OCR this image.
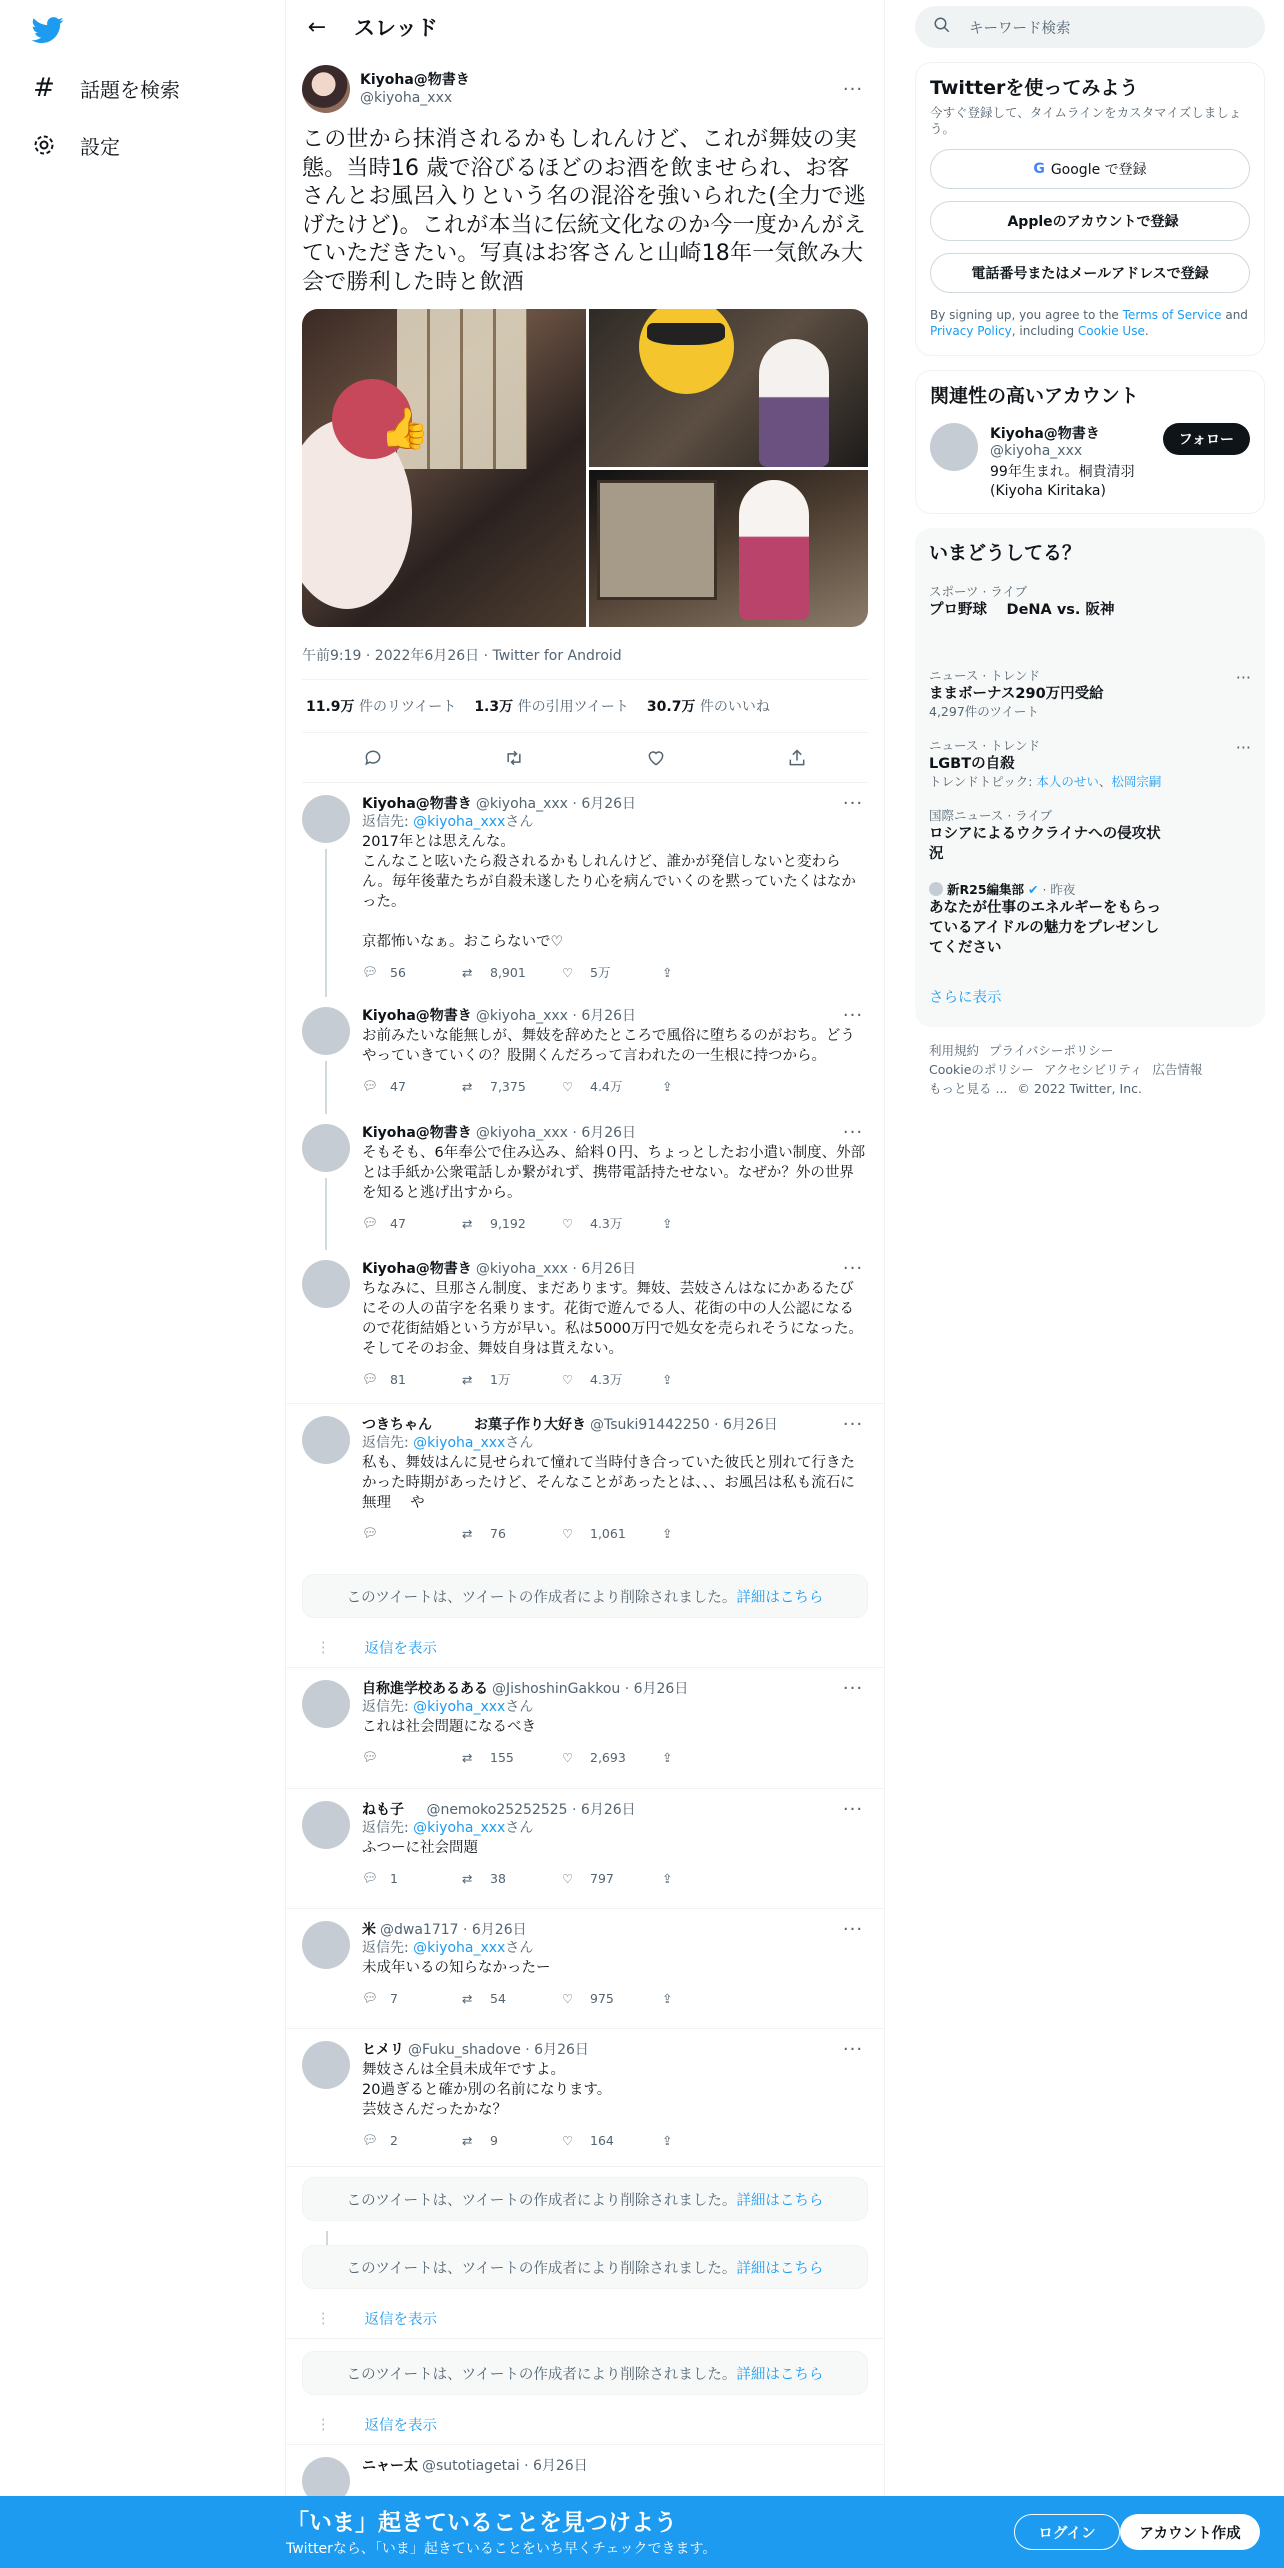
# 話題を検索
設定
←	スレッド
Kiyoha@物書き
@kiyoha_xxx	···
この世から抹消されるかもしれんけど、これが舞妓の実態。当時16 歳で浴びるほどのお酒を飲ませられ、お客さんとお風呂入りという名の混浴を強いられた(全力で逃げたけど)。これが本当に伝統文化なのか今一度かんがえていただきたい。写真はお客さんと山崎18年一気飲み大会で勝利した時と飲酒
👍
午前9:19 · 2022年6月26日 · Twitter for Android
11.9万 件のリツイート 1.3万 件の引用ツイート 30.7万 件のいいね
Kiyoha@物書き @kiyoha_xxx · 6月26日	···
返信先: @kiyoha_xxxさん
2017年とは思えんな。
こんなこと呟いたら殺されるかもしれんけど、誰かが発信しないと変わらん。毎年後輩たちが自殺未遂したり心を病んでいくのを黙っていたくはなかった。

京都怖いなぁ。おこらないで♡
💬︎ 56	⇄	8,901	♡	5万	⇪
Kiyoha@物書き @kiyoha_xxx · 6月26日	···
お前みたいな能無しが、舞妓を辞めたところで風俗に堕ちるのがおち。どうやっていきていくの？股開くんだろって言われたの一生根に持つから。
💬︎ 47	⇄	7,375	♡	4.4万	⇪
Kiyoha@物書き @kiyoha_xxx · 6月26日	···
そもそも、6年奉公で住み込み、給料０円、ちょっとしたお小遣い制度、外部とは手紙か公衆電話しか繋がれず、携帯電話持たせない。なぜか？外の世界を知ると逃げ出すから。
💬︎ 47	⇄	9,192	♡	4.3万	⇪
Kiyoha@物書き @kiyoha_xxx · 6月26日	···
ちなみに、旦那さん制度、まだあります。舞妓、芸妓さんはなにかあるたびにその人の苗字を名乗ります。花街で遊んでる人、花街の中の人公認になるので花街結婚という方が早い。私は5000万円で処女を売られそうになった。そしてそのお金、舞妓自身は貰えない。
💬︎ 81	⇄	1万	♡	4.3万	⇪
つきちゃん　　　お菓子作り大好き @Tsuki91442250 · 6月26日	···
返信先: @kiyoha_xxxさん
私も、舞妓はんに見せられて憧れて当時付き合っていた彼氏と別れて行きたかった時期があったけど、そんなことがあったとは、、、お風呂は私も流石に無理　 や
💬︎	⇄	76	♡	1,061	⇪
このツイートは、ツイートの作成者により削除されました。 詳細はこちら
⋮ 返信を表示
自称進学校あるある @JishoshinGakkou · 6月26日	···
返信先: @kiyoha_xxxさん
これは社会問題になるべき
💬︎	⇄	155	♡	2,693	⇪
ねも子 　 @nemoko25252525 · 6月26日	···
返信先: @kiyoha_xxxさん
ふつーに社会問題
💬︎ 1	⇄	38	♡	797	⇪
米 @dwa1717 · 6月26日	···
返信先: @kiyoha_xxxさん
未成年いるの知らなかったー
💬︎ 7	⇄	54	♡	975	⇪
ヒメリ @Fuku_shadove · 6月26日	···
舞妓さんは全員未成年ですよ。
20過ぎると確か別の名前になります。
芸妓さんだったかな？
💬︎ 2	⇄	9	♡	164	⇪
このツイートは、ツイートの作成者により削除されました。 詳細はこちら
このツイートは、ツイートの作成者により削除されました。 詳細はこちら
⋮ 返信を表示
このツイートは、ツイートの作成者により削除されました。 詳細はこちら
⋮ 返信を表示
ニャー太 @sutotiagetai · 6月26日
キーワード検索
Twitterを使ってみよう
今すぐ登録して、タイムラインをカスタマイズしましょう。
G Google で登録
Appleのアカウントで登録
電話番号またはメールアドレスで登録
By signing up, you agree to the Terms of Service and Privacy Policy, including Cookie Use.
関連性の高いアカウント
Kiyoha@物書き
@kiyoha_xxx
99年生まれ。桐貴清羽(Kiyoha Kiritaka)
フォロー
いまどうしてる？
スポーツ · ライブ
プロ野球　 DeNA vs. 阪神
ニュース · トレンド
ままボーナス290万円受給
4,297件のツイート
···
ニュース · トレンド
LGBTの自殺
トレンドトピック: 本人のせい、松岡宗嗣
···
国際ニュース · ライブ
ロシアによるウクライナへの侵攻状況
新R25編集部 ✔ · 昨夜
あなたが仕事のエネルギーをもらっているアイドルの魅力をプレゼンしてください
さらに表示
利用規約 プライバシーポリシー
Cookieのポリシー アクセシビリティ 広告情報
もっと見る ... © 2022 Twitter, Inc.
「いま」起きていることを見つけよう
Twitterなら、「いま」起きていることをいち早くチェックできます。
ログイン	アカウント作成
